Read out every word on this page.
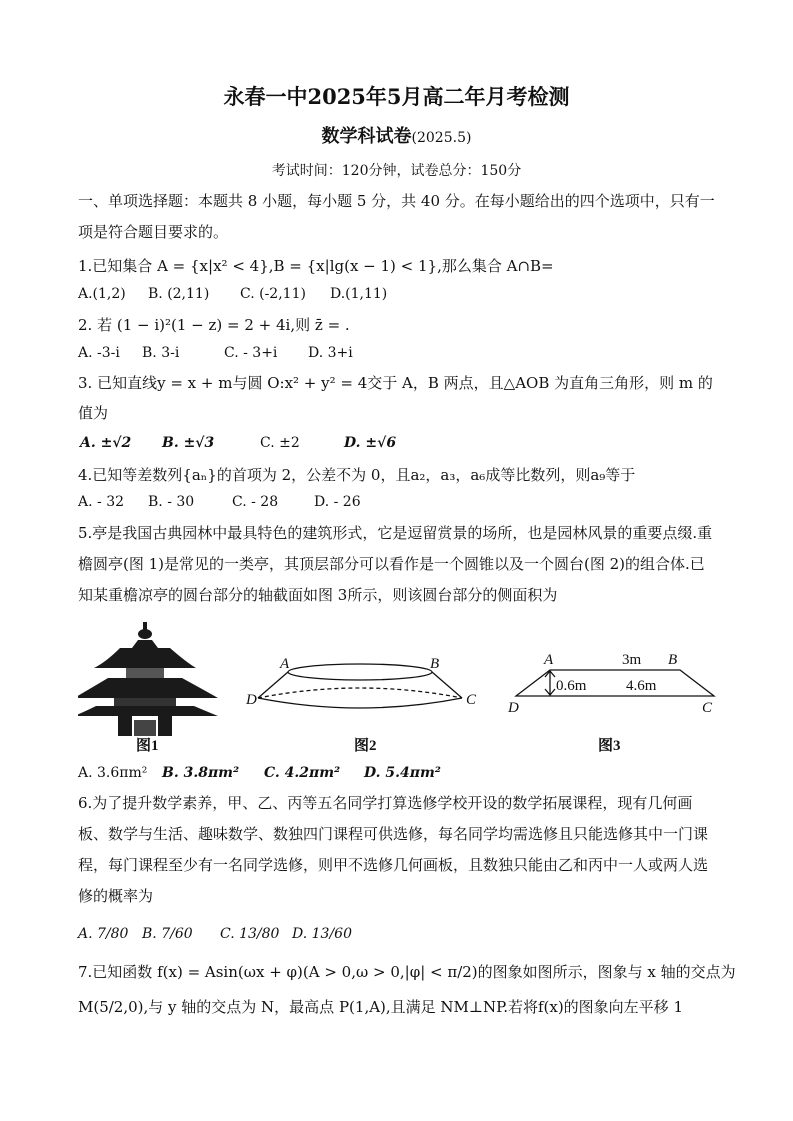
永春一中2025年5月高二年月考检测
数学科试卷(2025.5)
考试时间：120分钟，试卷总分：150分
一、单项选择题：本题共 8 小题，每小题 5 分，共 40 分。在每小题给出的四个选项中，只有一项是符合题目要求的。
1.已知集合 A = {x|x² < 4},B = {x|lg(x − 1) < 1},那么集合 A∩B=
A.(1,2) B. (2,11) C. (-2,11) D.(1,11)
2. 若 (1 − i)²(1 − z) = 2 + 4i,则 z̄ = .
A. -3-i B. 3-i	C. - 3+i D. 3+i
3. 已知直线y = x + m与圆 O:x² + y² = 4交于 A，B 两点，且△AOB 为直角三角形，则 m 的
值为
A. ±√2 B. ±√3	C. ±2	D. ±√6
4.已知等差数列{aₙ}的首项为 2，公差不为 0，且a₂，a₃，a₆成等比数列，则a₉等于
A. - 32 B. - 30	C. - 28	D. - 26
5.亭是我国古典园林中最具特色的建筑形式，它是逗留赏景的场所，也是园林风景的重要点缀.重檐圆亭(图 1)是常见的一类亭，其顶层部分可以看作是一个圆锥以及一个圆台(图 2)的组合体.已知某重檐凉亭的圆台部分的轴截面如图 3所示，则该圆台部分的侧面积为
A	B
C
D
A	B
C
D
3m
0.6m	4.6m
图1	图2	图3
A. 3.6πm² B. 3.8πm² C. 4.2πm² D. 5.4πm²
6.为了提升数学素养，甲、乙、丙等五名同学打算选修学校开设的数学拓展课程，现有几何画板、数学与生活、趣味数学、数独四门课程可供选修，每名同学均需选修且只能选修其中一门课程，每门课程至少有一名同学选修，则甲不选修几何画板，且数独只能由乙和丙中一人或两人选修的概率为
A. 7/80 B. 7/60 C. 13/80 D. 13/60
7.已知函数 f(x) = Asin(ωx + φ)(A > 0,ω > 0,|φ| < π/2)的图象如图所示，图象与 x 轴的交点为
M(5/2,0),与 y 轴的交点为 N，最高点 P(1,A),且满足 NM⊥NP.若将f(x)的图象向左平移 1
